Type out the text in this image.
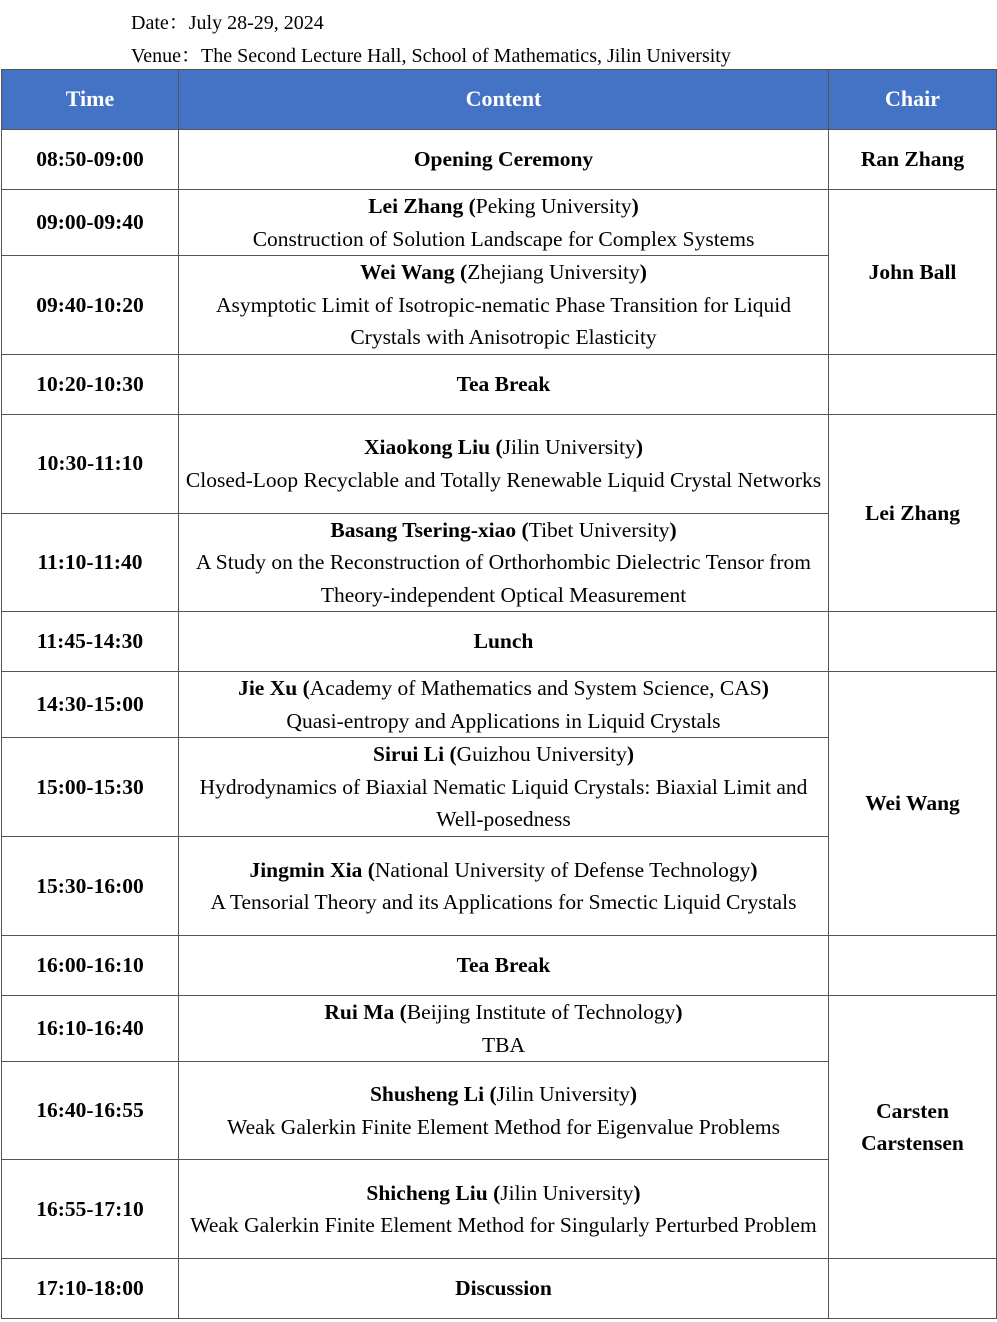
Date：July 28-29, 2024
Venue：The Second Lecture Hall, School of Mathematics, Jilin University
Time	Content	Chair
08:50-09:00	Opening Ceremony	Ran Zhang
09:00-09:40	Lei Zhang (Peking University)
Construction of Solution Landscape for Complex Systems	John Ball
09:40-10:20	Wei Wang (Zhejiang University)
Asymptotic Limit of Isotropic-nematic Phase Transition for Liquid Crystals with Anisotropic Elasticity	
10:20-10:30	Tea Break	
10:30-11:10	Xiaokong Liu (Jilin University)
Closed-Loop Recyclable and Totally Renewable Liquid Crystal Networks	Lei Zhang
11:10-11:40	Basang Tsering-xiao (Tibet University)
A Study on the Reconstruction of Orthorhombic Dielectric Tensor from Theory-independent Optical Measurement	
11:45-14:30	Lunch	
14:30-15:00	Jie Xu (Academy of Mathematics and System Science, CAS)
Quasi-entropy and Applications in Liquid Crystals	Wei Wang
15:00-15:30	Sirui Li (Guizhou University)
Hydrodynamics of Biaxial Nematic Liquid Crystals: Biaxial Limit and Well-posedness	
15:30-16:00	Jingmin Xia (National University of Defense Technology)
A Tensorial Theory and its Applications for Smectic Liquid Crystals	
16:00-16:10	Tea Break	
16:10-16:40	Rui Ma (Beijing Institute of Technology)
TBA	Carsten Carstensen
16:40-16:55	Shusheng Li (Jilin University)
Weak Galerkin Finite Element Method for Eigenvalue Problems	
16:55-17:10	Shicheng Liu (Jilin University)
Weak Galerkin Finite Element Method for Singularly Perturbed Problem	
17:10-18:00	Discussion	
